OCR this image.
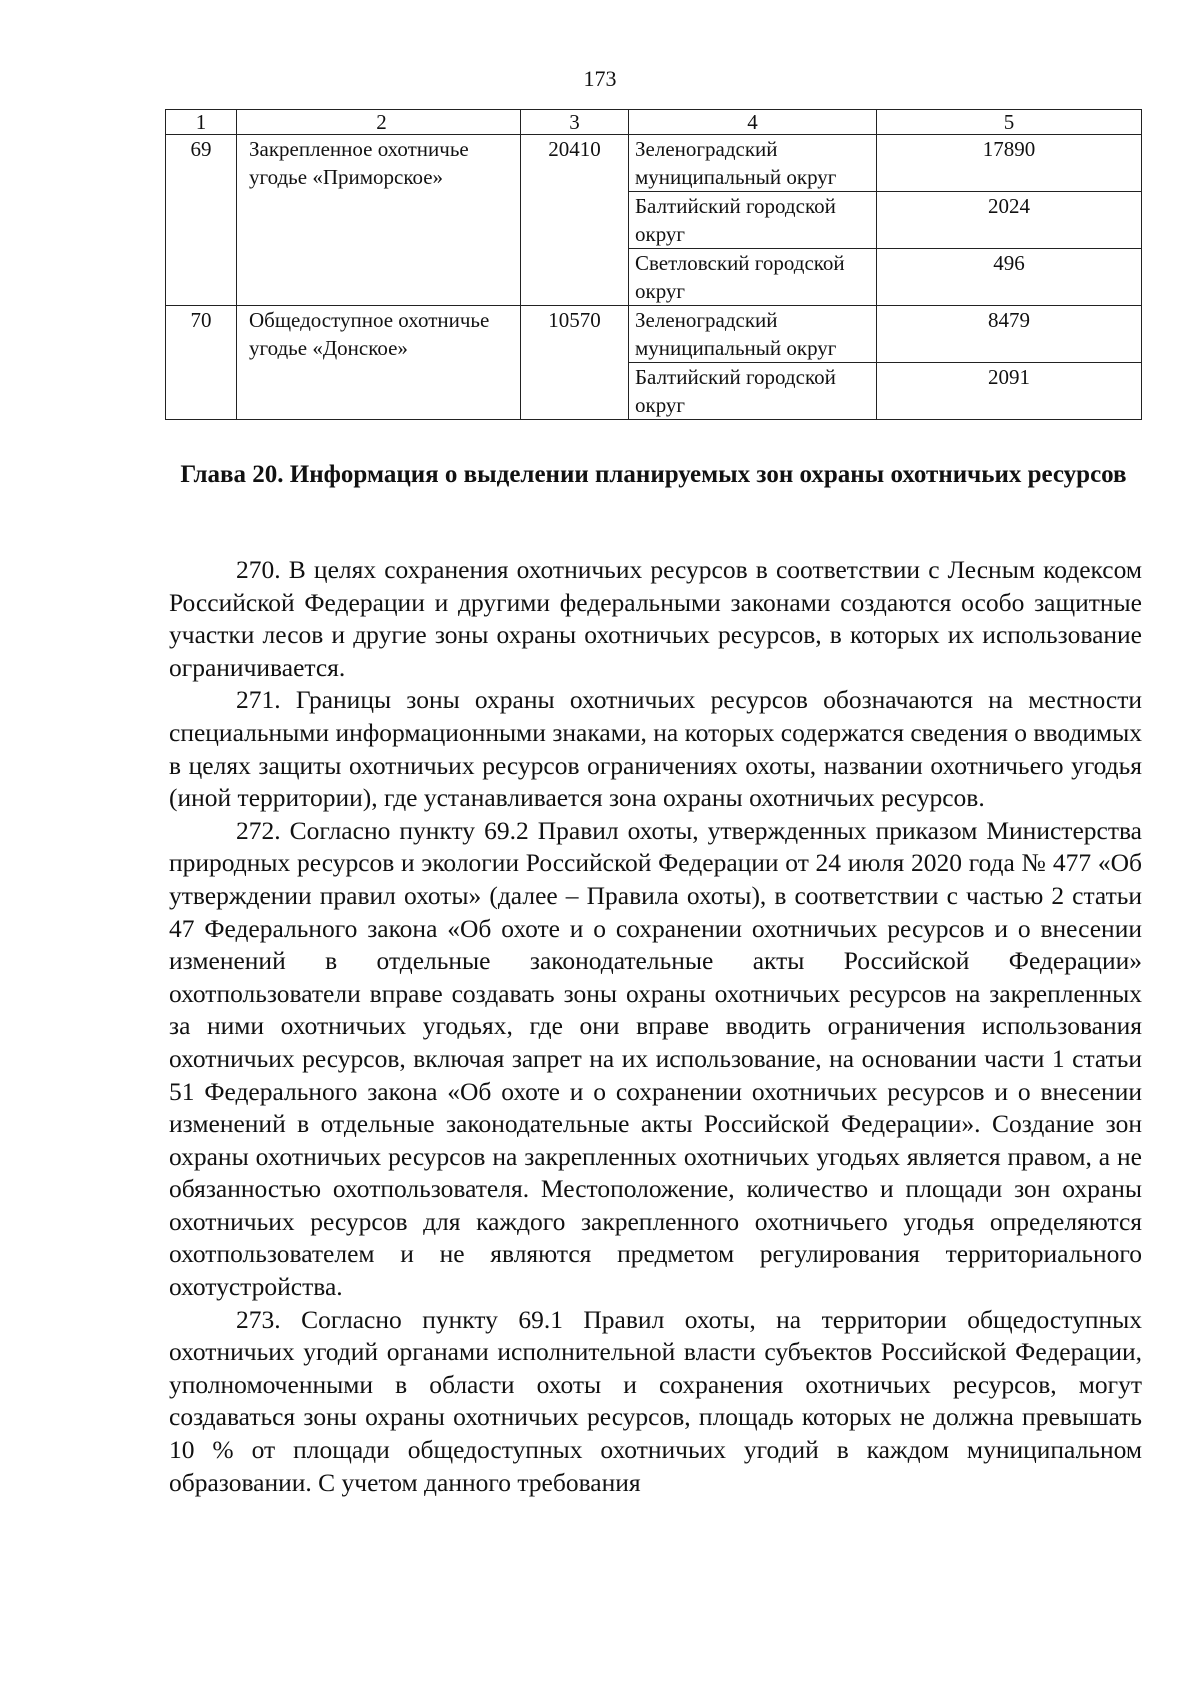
173
1	2	3	4	5
69	Закрепленное охотничье угодье «Приморское»	20410	Зеленоградский муниципальный округ	17890
			Балтийский городской округ	2024
			Светловский городской округ	496
70	Общедоступное охотничье угодье «Донское»	10570	Зеленоградский муниципальный округ	8479
			Балтийский городской округ	2091
Глава 20. Информация о выделении планируемых зон охраны охотничьих ресурсов

270. В целях сохранения охотничьих ресурсов в соответствии с Лесным кодексом Российской Федерации и другими федеральными законами создаются особо защитные участки лесов и другие зоны охраны охотничьих ресурсов, в которых их использование ограничивается.

271. Границы зоны охраны охотничьих ресурсов обозначаются на местности специальными информационными знаками, на которых содержатся сведения о вводимых в целях защиты охотничьих ресурсов ограничениях охоты, названии охотничьего угодья (иной территории), где устанавливается зона охраны охотничьих ресурсов.

272. Согласно пункту 69.2 Правил охоты, утвержденных приказом Министерства природных ресурсов и экологии Российской Федерации от 24 июля 2020 года № 477 «Об утверждении правил охоты» (далее – Правила охоты), в соответствии с частью 2 статьи 47 Федерального закона «Об охоте и о сохранении охотничьих ресурсов и о внесении изменений в отдельные законодательные акты Российской Федерации» охотпользователи вправе создавать зоны охраны охотничьих ресурсов на закрепленных за ними охотничьих угодьях, где они вправе вводить ограничения использования охотничьих ресурсов, включая запрет на их использование, на основании части 1 статьи 51 Федерального закона «Об охоте и о сохранении охотничьих ресурсов и о внесении изменений в отдельные законодательные акты Российской Федерации». Создание зон охраны охотничьих ресурсов на закрепленных охотничьих угодьях является правом, а не обязанностью охотпользователя. Местоположение, количество и площади зон охраны охотничьих ресурсов для каждого закрепленного охотничьего угодья определяются охотпользователем и не являются предметом регулирования территориального охотустройства.

273. Согласно пункту 69.1 Правил охоты, на территории общедоступных охотничьих угодий органами исполнительной власти субъектов Российской Федерации, уполномоченными в области охоты и сохранения охотничьих ресурсов, могут создаваться зоны охраны охотничьих ресурсов, площадь которых не должна превышать 10 % от площади общедоступных охотничьих угодий в каждом муниципальном образовании. С учетом данного требования
